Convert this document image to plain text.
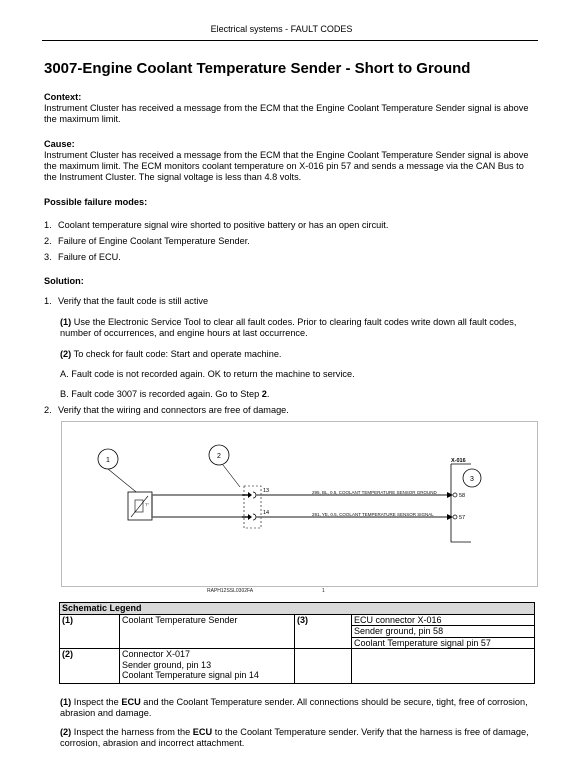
Electrical systems - FAULT CODES
3007-Engine Coolant Temperature Sender - Short to Ground
Context:
Instrument Cluster has received a message from the ECM that the Engine Coolant Temperature Sender signal is above the maximum limit.
Cause:
Instrument Cluster has received a message from the ECM that the Engine Coolant Temperature Sender signal is above the maximum limit. The ECM monitors coolant temperature on X-016 pin 57 and sends a message via the CAN Bus to the Instrument Cluster. The signal voltage is less than 4.8 volts.
Possible failure modes:
1. Coolant temperature signal wire shorted to positive battery or has an open circuit.
2. Failure of Engine Coolant Temperature Sender.
3. Failure of ECU.
Solution:
1. Verify that the fault code is still active
(1) Use the Electronic Service Tool to clear all fault codes. Prior to clearing fault codes write down all fault codes, number of occurrences, and engine hours at last occurrence.
(2) To check for fault code: Start and operate machine.
A. Fault code is not recorded again. OK to return the machine to service.
B. Fault code 3007 is recorded again. Go to Step 2.
2. Verify that the wiring and connectors are free of damage.
1
2
3
T°
13
14
295, BL, 0.5, COOLANT TEMPERATURE SENSOR GROUND
291, YE, 0.5, COOLANT TEMPERATURE SENSOR SIGNAL
58
57
X-016
RAPH12SSL0302FA	1
Schematic Legend			
(1)	Coolant Temperature Sender	(3)	ECU connector X-016
Sender ground, pin 58
Coolant Temperature signal pin 57

(2)	Connector X-017
Sender ground, pin 13
Coolant Temperature signal pin 14		

(1) Inspect the ECU and the Coolant Temperature sender. All connections should be secure, tight, free of corrosion, abrasion and damage.
(2) Inspect the harness from the ECU to the Coolant Temperature sender. Verify that the harness is free of damage, corrosion, abrasion and incorrect attachment.
